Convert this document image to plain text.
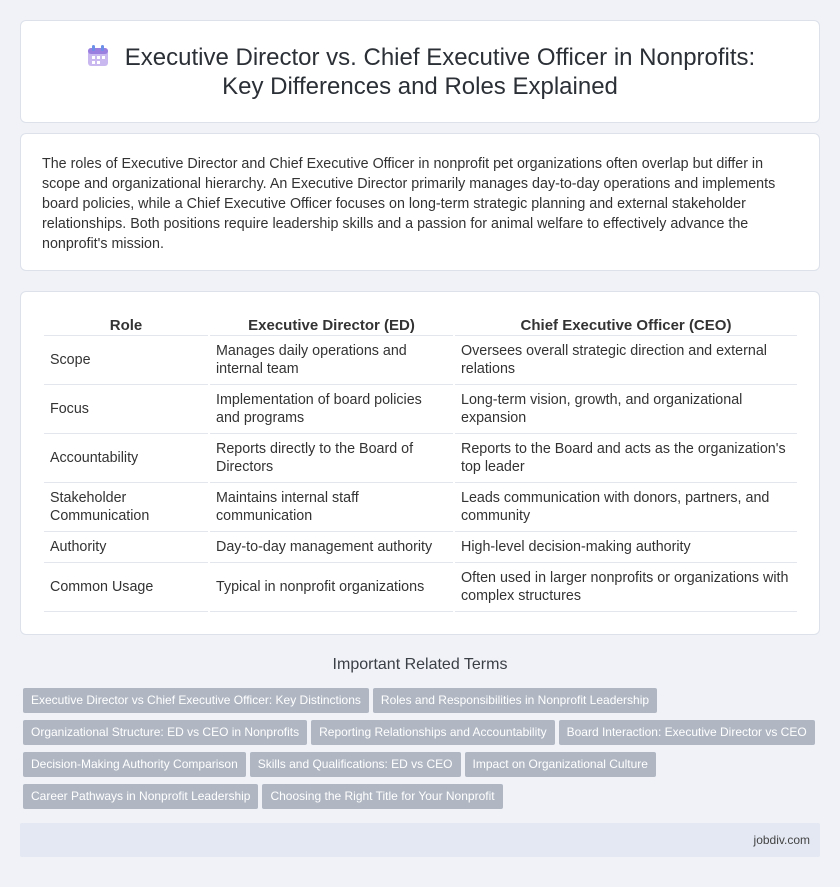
Executive Director vs. Chief Executive Officer in Nonprofits: Key Differences and Roles Explained

The roles of Executive Director and Chief Executive Officer in nonprofit pet organizations often overlap but differ in scope and organizational hierarchy. An Executive Director primarily manages day-to-day operations and implements board policies, while a Chief Executive Officer focuses on long-term strategic planning and external stakeholder relationships. Both positions require leadership skills and a passion for animal welfare to effectively advance the nonprofit's mission.

Role	Executive Director (ED)	Chief Executive Officer (CEO)
Scope	Manages daily operations and internal team	Oversees overall strategic direction and external relations
Focus	Implementation of board policies and programs	Long-term vision, growth, and organizational expansion
Accountability	Reports directly to the Board of Directors	Reports to the Board and acts as the organization's top leader
Stakeholder Communication	Maintains internal staff communication	Leads communication with donors, partners, and community
Authority	Day-to-day management authority	High-level decision-making authority
Common Usage	Typical in nonprofit organizations	Often used in larger nonprofits or organizations with complex structures
Important Related Terms
Executive Director vs Chief Executive Officer: Key Distinctions Roles and Responsibilities in Nonprofit Leadership
Organizational Structure: ED vs CEO in Nonprofits Reporting Relationships and Accountability Board Interaction: Executive Director vs CEO
Decision-Making Authority Comparison Skills and Qualifications: ED vs CEO Impact on Organizational Culture
Career Pathways in Nonprofit Leadership Choosing the Right Title for Your Nonprofit
jobdiv.com
